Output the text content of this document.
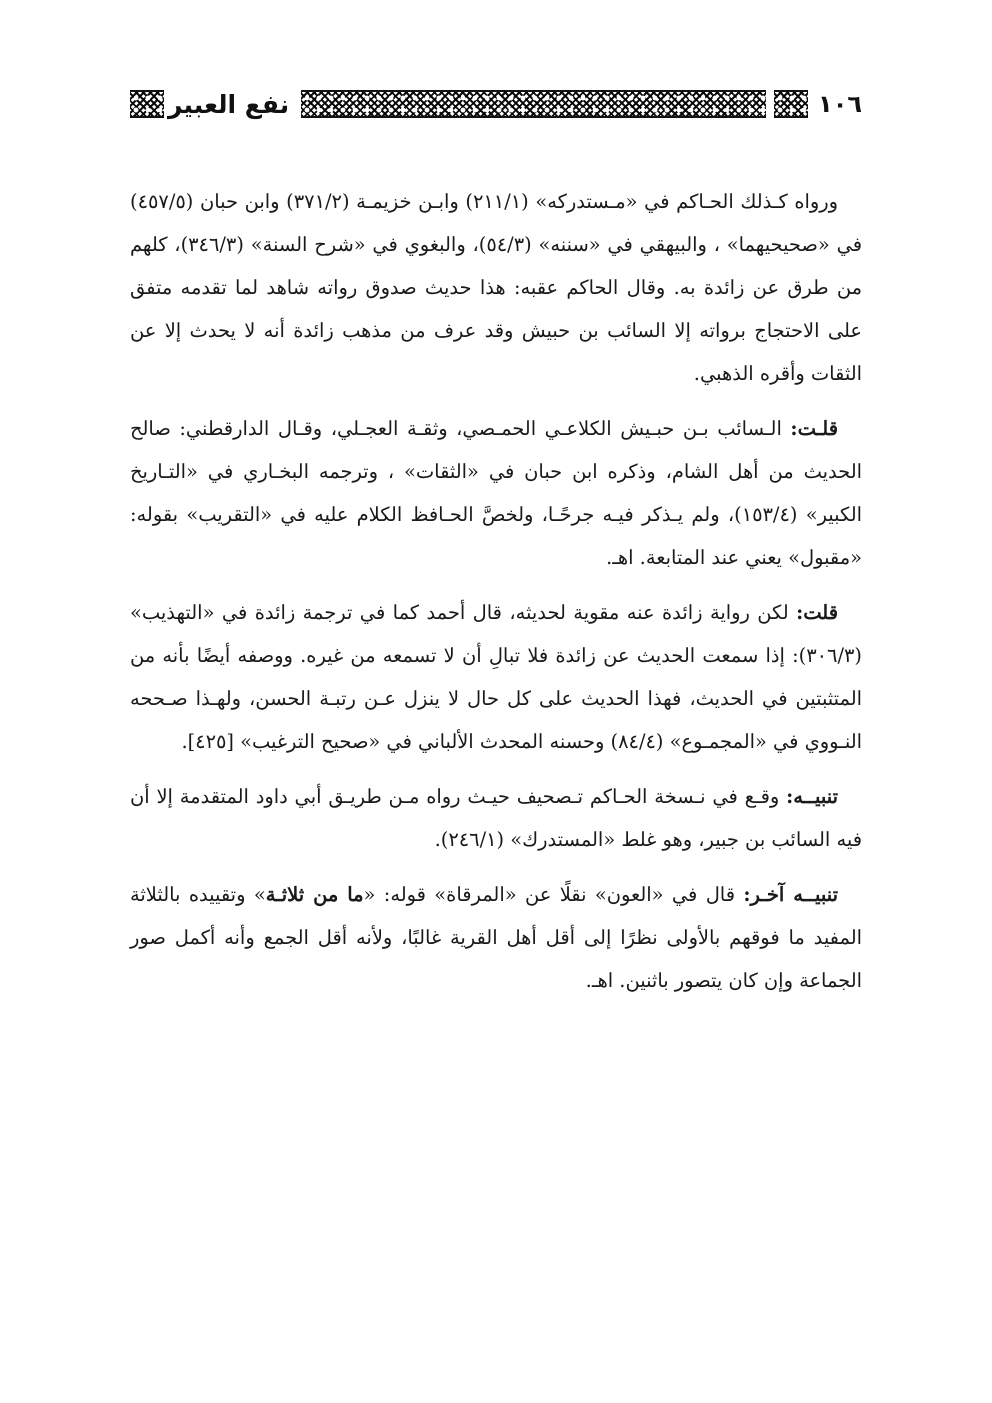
١٠٦
نفع العبير

ورواه كـذلك الحـاكم في «مـستدركه» (٢١١/١) وابـن خزيمـة (٣٧١/٢) وابن حبان (٤٥٧/٥) في «صحيحيهما» ، والبيهقي في «سننه» (٥٤/٣)، والبغوي في «شرح السنة» (٣٤٦/٣)، كلهم من طرق عن زائدة به. وقال الحاكم عقبه: هذا حديث صدوق رواته شاهد لما تقدمه متفق على الاحتجاج برواته إلا السائب بن حبيش وقد عرف من مذهب زائدة أنه لا يحدث إلا عن الثقات وأقره الذهبي.

قلـت: الـسائب بـن حبـيش الكلاعـي الحمـصي، وثقـة العجـلي، وقـال الدارقطني: صالح الحديث من أهل الشام، وذكره ابن حبان في «الثقات» ، وترجمه البخـاري في «التـاريخ الكبير» (١٥٣/٤)، ولم يـذكر فيـه جرحًـا، ولخصَّ الحـافظ الكلام عليه في «التقريب» بقوله: «مقبول» يعني عند المتابعة. اهـ.

قلت: لكن رواية زائدة عنه مقوية لحديثه، قال أحمد كما في ترجمة زائدة في «التهذيب» (٣٠٦/٣): إذا سمعت الحديث عن زائدة فلا تبالِ أن لا تسمعه من غيره. ووصفه أيضًا بأنه من المتثبتين في الحديث، فهذا الحديث على كل حال لا ينزل عـن رتبـة الحسن، ولهـذا صـححه النـووي في «المجمـوع» (٨٤/٤) وحسنه المحدث الألباني في «صحيح الترغيب» [٤٢٥].

تنبيــه: وقـع في نـسخة الحـاكم تـصحيف حيـث رواه مـن طريـق أبي داود المتقدمة إلا أن فيه السائب بن جبير، وهو غلط «المستدرك» (٢٤٦/١).

تنبيــه آخـر: قال في «العون» نقلًا عن «المرقاة» قوله: «ما من ثلاثـة» وتقييده بالثلاثة المفيد ما فوقهم بالأولى نظرًا إلى أقل أهل القرية غالبًا، ولأنه أقل الجمع وأنه أكمل صور الجماعة وإن كان يتصور باثنين. اهـ.
